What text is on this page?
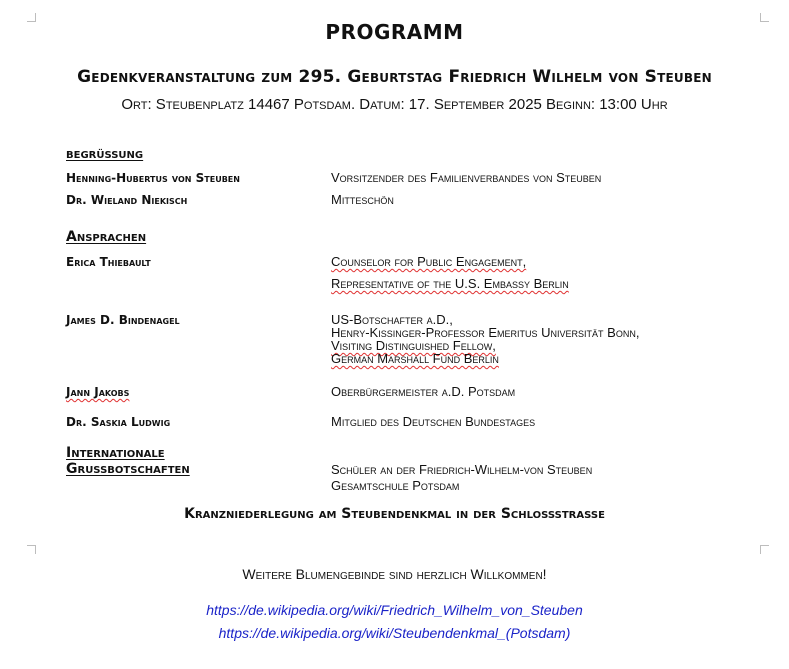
PROGRAMM
Gedenkveranstaltung zum 295. Geburtstag Friedrich Wilhelm von Steuben
Ort: Steubenplatz 14467 Potsdam. Datum: 17. September 2025 Beginn: 13:00 Uhr
begrüssung
Henning-Hubertus von Steuben	Vorsitzender des Familienverbandes von Steuben
Dr. Wieland Niekisch	Mitteschön
Ansprachen
Erica Thiebault	Counselor for Public Engagement,
Representative of the U.S. Embassy Berlin
James D. Bindenagel	US-Botschafter a.D.,
Henry-Kissinger-Professor Emeritus Universität Bonn,
Visiting Distinguished Fellow,
German Marshall Fund Berlin
Jann Jakobs	Oberbürgermeister a.D. Potsdam
Dr. Saskia Ludwig	Mitglied des Deutschen Bundestages
Internationale
Grussbotschaften	Schüler an der Friedrich-Wilhelm-von Steuben
Gesamtschule Potsdam
Kranzniederlegung am Steubendenkmal in der Schlossstrasse
Weitere Blumengebinde sind herzlich Willkommen!
https://de.wikipedia.org/wiki/Friedrich_Wilhelm_von_Steuben
https://de.wikipedia.org/wiki/Steubendenkmal_(Potsdam)
